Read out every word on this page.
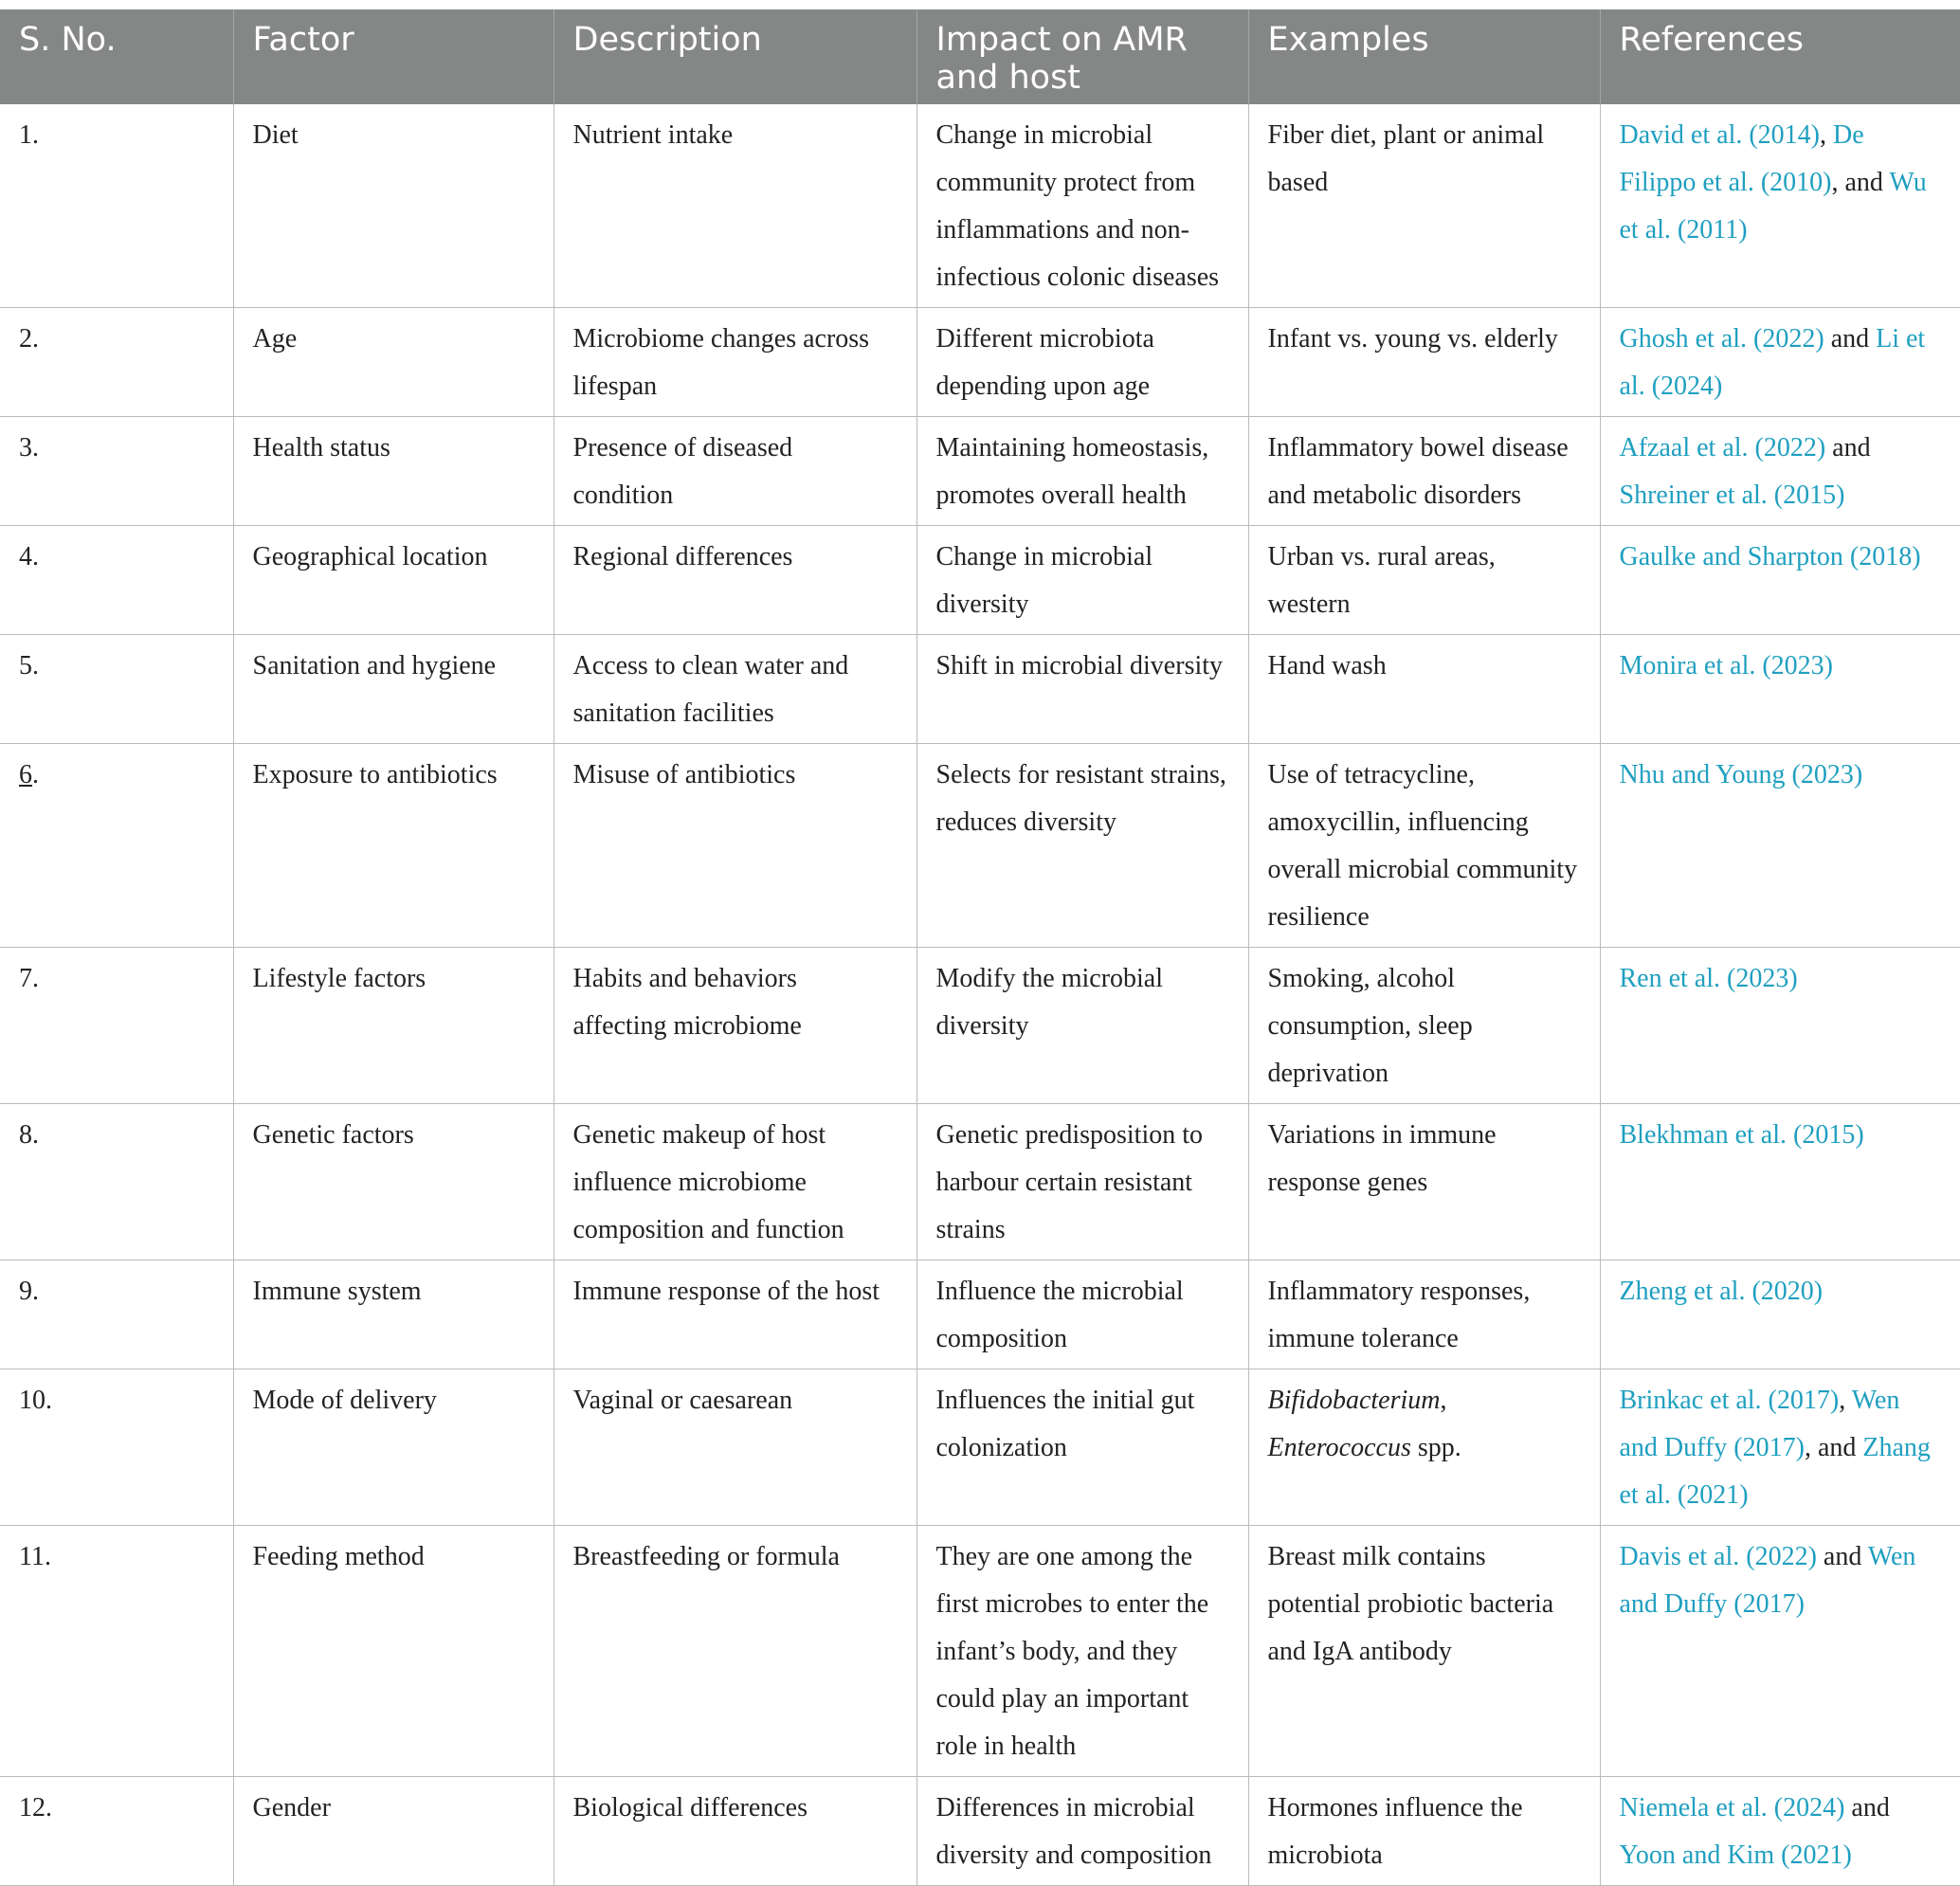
S. No.	Factor	Description	Impact on AMR and host	Examples	References
1.	Diet	Nutrient intake	Change in microbial community protect from inflammations and non-infectious colonic diseases	Fiber diet, plant or animal based	David et al. (2014), De Filippo et al. (2010), and Wu et al. (2011)
2.	Age	Microbiome changes across lifespan	Different microbiota depending upon age	Infant vs. young vs. elderly	Ghosh et al. (2022) and Li et al. (2024)
3.	Health status	Presence of diseased condition	Maintaining homeostasis, promotes overall health	Inflammatory bowel disease and metabolic disorders	Afzaal et al. (2022) and Shreiner et al. (2015)
4.	Geographical location	Regional differences	Change in microbial diversity	Urban vs. rural areas, western	Gaulke and Sharpton (2018)
5.	Sanitation and hygiene	Access to clean water and sanitation facilities	Shift in microbial diversity	Hand wash	Monira et al. (2023)
6.	Exposure to antibiotics	Misuse of antibiotics	Selects for resistant strains, reduces diversity	Use of tetracycline, amoxycillin, influencing overall microbial community resilience	Nhu and Young (2023)
7.	Lifestyle factors	Habits and behaviors affecting microbiome	Modify the microbial diversity	Smoking, alcohol consumption, sleep deprivation	Ren et al. (2023)
8.	Genetic factors	Genetic makeup of host influence microbiome composition and function	Genetic predisposition to harbour certain resistant strains	Variations in immune response genes	Blekhman et al. (2015)
9.	Immune system	Immune response of the host	Influence the microbial composition	Inflammatory responses, immune tolerance	Zheng et al. (2020)
10.	Mode of delivery	Vaginal or caesarean	Influences the initial gut colonization	Bifidobacterium, Enterococcus spp.	Brinkac et al. (2017), Wen and Duffy (2017), and Zhang et al. (2021)
11.	Feeding method	Breastfeeding or formula	They are one among the first microbes to enter the infant’s body, and they could play an important role in health	Breast milk contains potential probiotic bacteria and IgA antibody	Davis et al. (2022) and Wen and Duffy (2017)
12.	Gender	Biological differences	Differences in microbial diversity and composition	Hormones influence the microbiota	Niemela et al. (2024) and Yoon and Kim (2021)
